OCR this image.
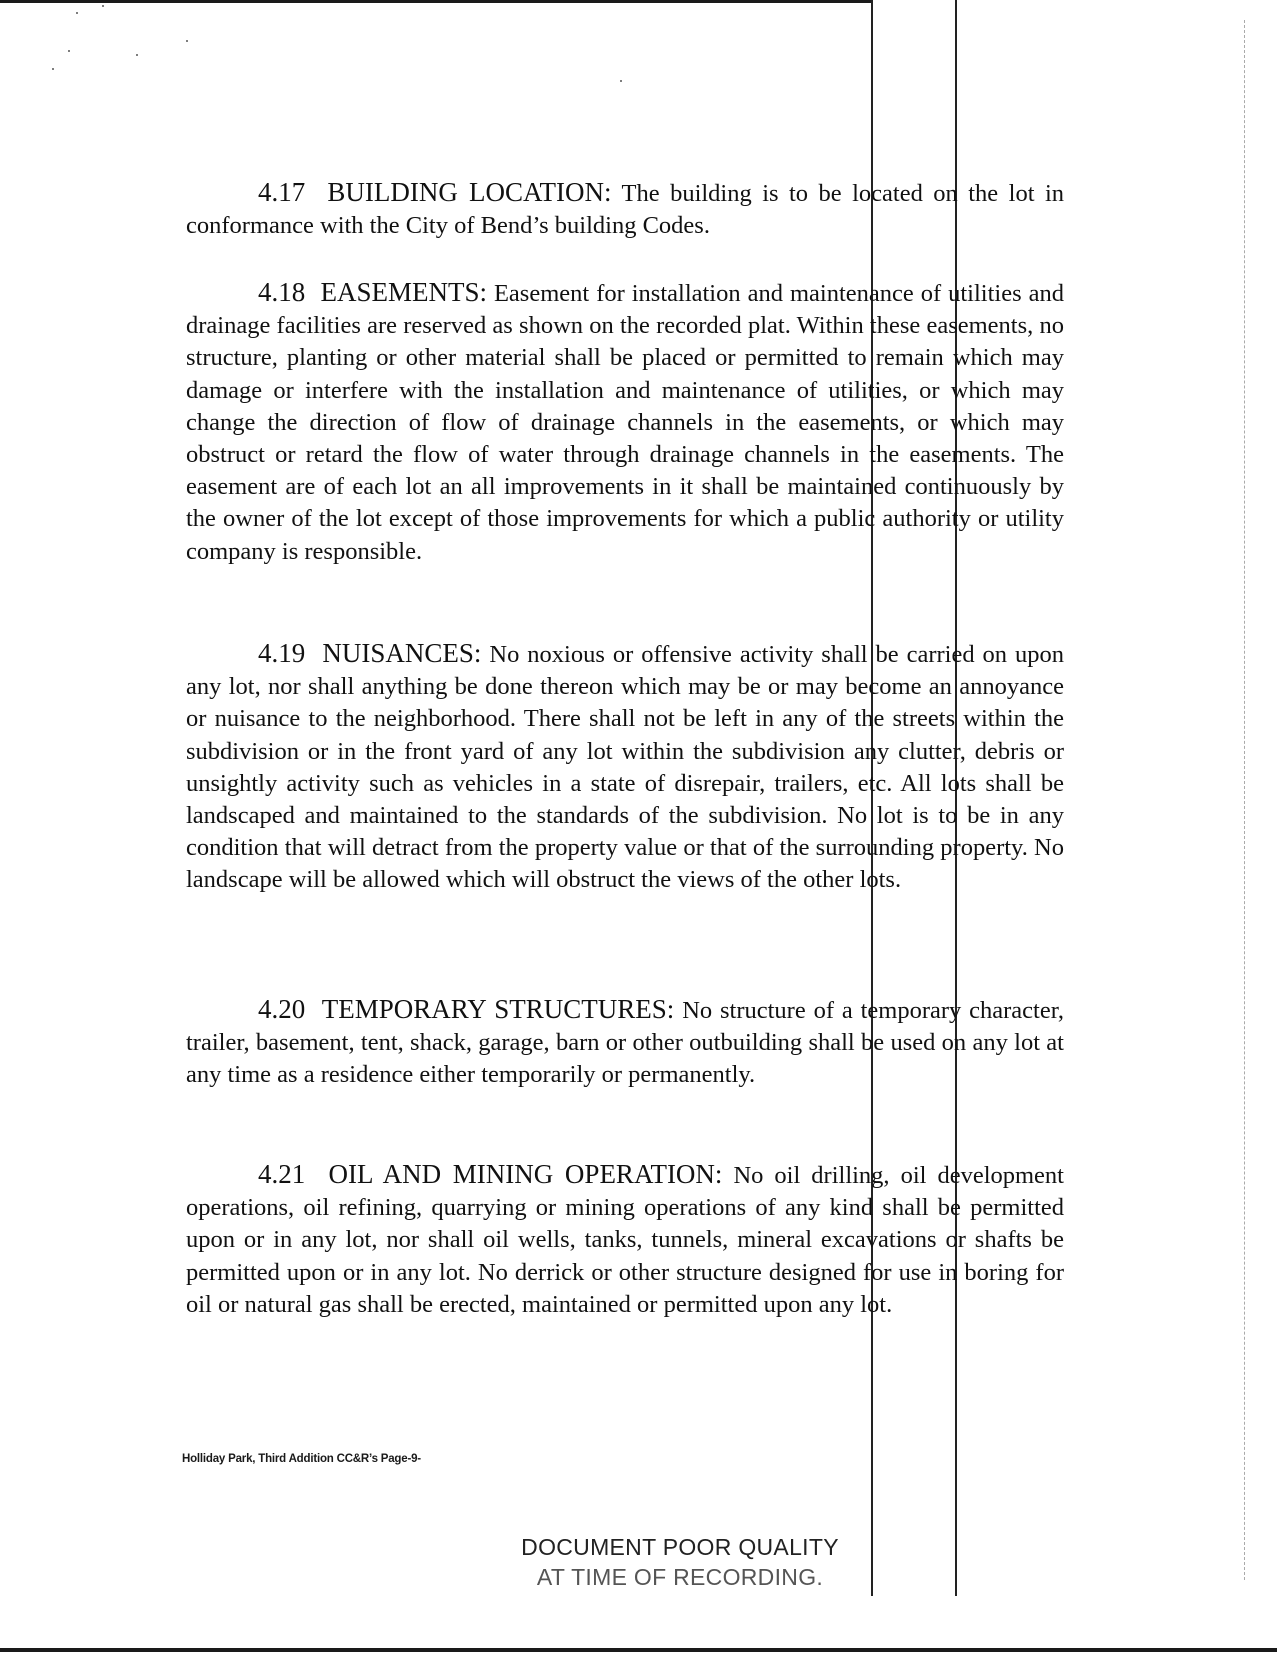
4.17 BUILDING LOCATION: The building is to be located on the lot in conformance with the City of Bend’s building Codes.

4.18 EASEMENTS: Easement for installation and maintenance of utilities and drainage facilities are reserved as shown on the recorded plat. Within these easements, no structure, planting or other material shall be placed or permitted to remain which may damage or interfere with the installation and maintenance of utilities, or which may change the direction of flow of drainage channels in the easements, or which may obstruct or retard the flow of water through drainage channels in the easements. The easement are of each lot an all improvements in it shall be maintained continuously by the owner of the lot except of those improvements for which a public authority or utility company is responsible.

4.19 NUISANCES: No noxious or offensive activity shall be carried on upon any lot, nor shall anything be done thereon which may be or may become an annoyance or nuisance to the neighborhood. There shall not be left in any of the streets within the subdivision or in the front yard of any lot within the subdivision any clutter, debris or unsightly activity such as vehicles in a state of disrepair, trailers, etc. All lots shall be landscaped and maintained to the standards of the subdivision. No lot is to be in any condition that will detract from the property value or that of the surrounding property. No landscape will be allowed which will obstruct the views of the other lots.

4.20 TEMPORARY STRUCTURES: No structure of a temporary character, trailer, basement, tent, shack, garage, barn or other outbuilding shall be used on any lot at any time as a residence either temporarily or permanently.

4.21 OIL AND MINING OPERATION: No oil drilling, oil development operations, oil refining, quarrying or mining operations of any kind shall be permitted upon or in any lot, nor shall oil wells, tanks, tunnels, mineral excavations or shafts be permitted upon or in any lot. No derrick or other structure designed for use in boring for oil or natural gas shall be erected, maintained or permitted upon any lot.

Holliday Park, Third Addition CC&R’s Page-9-
DOCUMENT POOR QUALITY
AT TIME OF RECORDING.
